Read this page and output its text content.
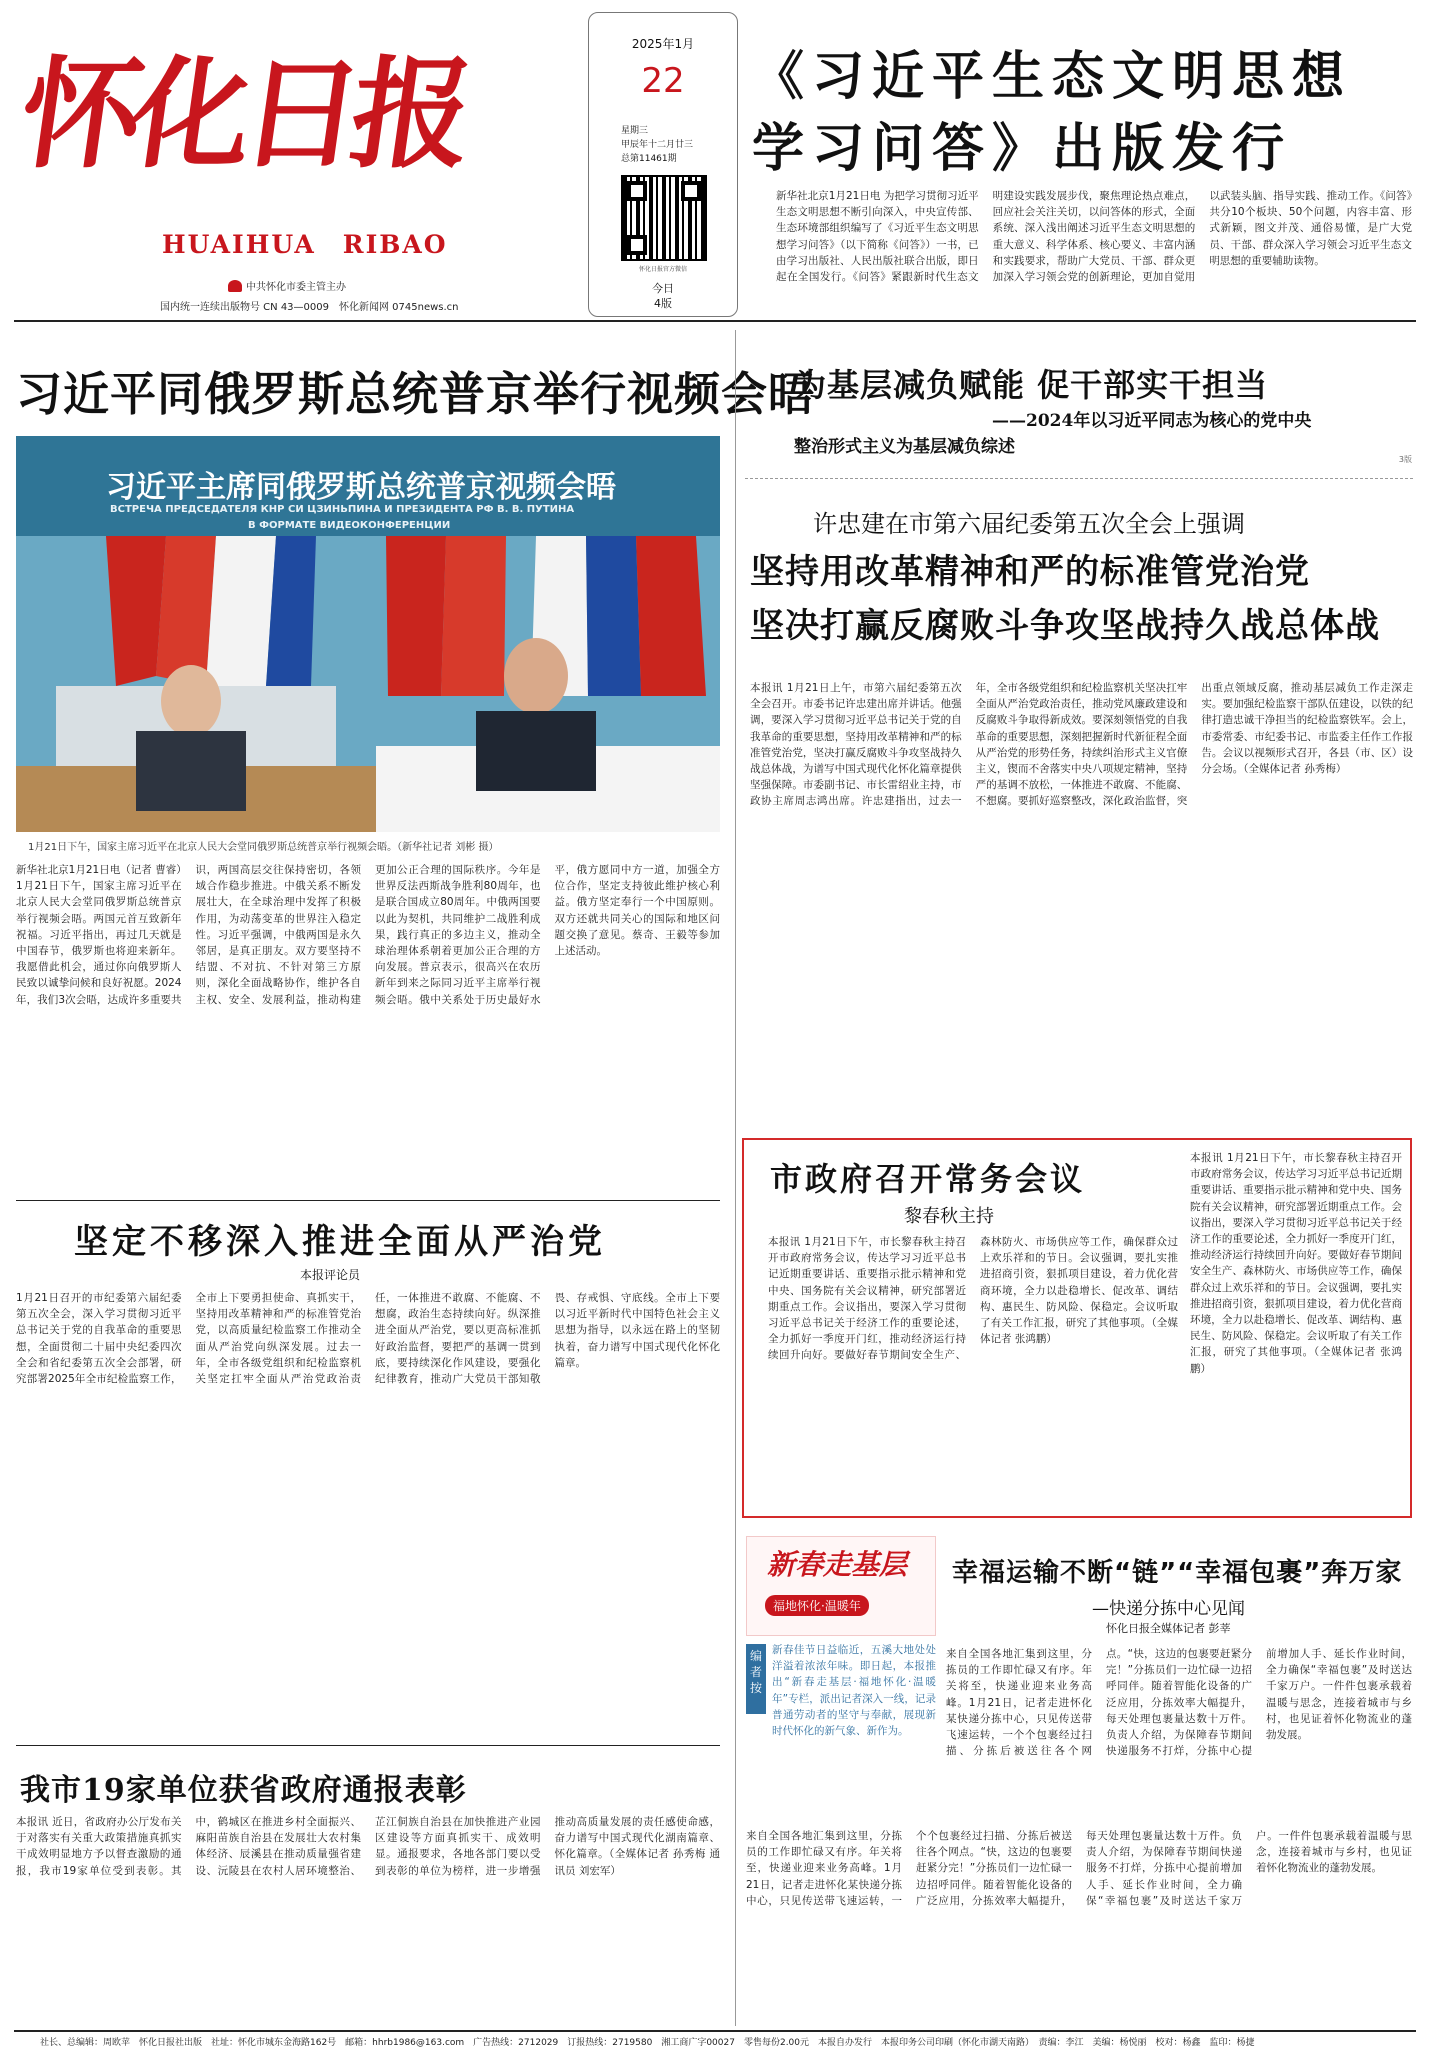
怀
化
日
报
HUAIHUA　RIBAO
中共怀化市委主管主办
国内统一连续出版物号 CN 43—0009　怀化新闻网 0745news.cn
2025年1月
22
星期三
甲辰年十二月廿三
总第11461期
怀化日报官方微信
今日
4版
《习近平生态文明思想
学习问答》出版发行
新华社北京1月21日电 为把学习贯彻习近平生态文明思想不断引向深入，中央宣传部、生态环境部组织编写了《习近平生态文明思想学习问答》（以下简称《问答》）一书，已由学习出版社、人民出版社联合出版，即日起在全国发行。《问答》紧跟新时代生态文明建设实践发展步伐，聚焦理论热点难点，回应社会关注关切，以问答体的形式，全面系统、深入浅出阐述习近平生态文明思想的重大意义、科学体系、核心要义、丰富内涵和实践要求，帮助广大党员、干部、群众更加深入学习领会党的创新理论，更加自觉用以武装头脑、指导实践、推动工作。《问答》共分10个板块、50个问题，内容丰富、形式新颖，图文并茂、通俗易懂，是广大党员、干部、群众深入学习领会习近平生态文明思想的重要辅助读物。
习近平同俄罗斯总统普京举行视频会晤
习近平主席同俄罗斯总统普京视频会晤
ВСТРЕЧА ПРЕДСЕДАТЕЛЯ КНР СИ ЦЗИНЬПИНА И ПРЕЗИДЕНТА РФ В. В. ПУТИНА
В ФОРМАТЕ ВИДЕОКОНФЕРЕНЦИИ
1月21日下午，国家主席习近平在北京人民大会堂同俄罗斯总统普京举行视频会晤。（新华社记者 刘彬 摄）
新华社北京1月21日电（记者 曹睿）1月21日下午，国家主席习近平在北京人民大会堂同俄罗斯总统普京举行视频会晤。两国元首互致新年祝福。习近平指出，再过几天就是中国春节，俄罗斯也将迎来新年。我愿借此机会，通过你向俄罗斯人民致以诚挚问候和良好祝愿。2024年，我们3次会晤，达成许多重要共识，两国高层交往保持密切，各领域合作稳步推进。中俄关系不断发展壮大，在全球治理中发挥了积极作用，为动荡变革的世界注入稳定性。习近平强调，中俄两国是永久邻居，是真正朋友。双方要坚持不结盟、不对抗、不针对第三方原则，深化全面战略协作，维护各自主权、安全、发展利益，推动构建更加公正合理的国际秩序。今年是世界反法西斯战争胜利80周年，也是联合国成立80周年。中俄两国要以此为契机，共同维护二战胜利成果，践行真正的多边主义，推动全球治理体系朝着更加公正合理的方向发展。普京表示，很高兴在农历新年到来之际同习近平主席举行视频会晤。俄中关系处于历史最好水平，俄方愿同中方一道，加强全方位合作，坚定支持彼此维护核心利益。俄方坚定奉行一个中国原则。双方还就共同关心的国际和地区问题交换了意见。蔡奇、王毅等参加上述活动。
坚定不移深入推进全面从严治党
本报评论员
1月21日召开的市纪委第六届纪委第五次全会，深入学习贯彻习近平总书记关于党的自我革命的重要思想，全面贯彻二十届中央纪委四次全会和省纪委第五次全会部署，研究部署2025年全市纪检监察工作，全市上下要勇担使命、真抓实干，坚持用改革精神和严的标准管党治党，以高质量纪检监察工作推动全面从严治党向纵深发展。过去一年，全市各级党组织和纪检监察机关坚定扛牢全面从严治党政治责任，一体推进不敢腐、不能腐、不想腐，政治生态持续向好。纵深推进全面从严治党，要以更高标准抓好政治监督，要把严的基调一贯到底，要持续深化作风建设，要强化纪律教育，推动广大党员干部知敬畏、存戒惧、守底线。全市上下要以习近平新时代中国特色社会主义思想为指导，以永远在路上的坚韧执着，奋力谱写中国式现代化怀化篇章。
我市19家单位获省政府通报表彰
本报讯 近日，省政府办公厅发布关于对落实有关重大政策措施真抓实干成效明显地方予以督查激励的通报，我市19家单位受到表彰。其中，鹤城区在推进乡村全面振兴、麻阳苗族自治县在发展壮大农村集体经济、辰溪县在推动质量强省建设、沅陵县在农村人居环境整治、芷江侗族自治县在加快推进产业园区建设等方面真抓实干、成效明显。通报要求，各地各部门要以受到表彰的单位为榜样，进一步增强推动高质量发展的责任感使命感，奋力谱写中国式现代化湖南篇章、怀化篇章。（全媒体记者 孙秀梅 通讯员 刘宏军）
为基层减负赋能 促干部实干担当
——2024年以习近平同志为核心的党中央整治形式主义为基层减负综述
3版
许忠建在市第六届纪委第五次全会上强调
坚持用改革精神和严的标准管党治党
坚决打赢反腐败斗争攻坚战持久战总体战
本报讯 1月21日上午，市第六届纪委第五次全会召开。市委书记许忠建出席并讲话。他强调，要深入学习贯彻习近平总书记关于党的自我革命的重要思想，坚持用改革精神和严的标准管党治党，坚决打赢反腐败斗争攻坚战持久战总体战，为谱写中国式现代化怀化篇章提供坚强保障。市委副书记、市长雷绍业主持，市政协主席周志鸿出席。许忠建指出，过去一年，全市各级党组织和纪检监察机关坚决扛牢全面从严治党政治责任，推动党风廉政建设和反腐败斗争取得新成效。要深刻领悟党的自我革命的重要思想，深刻把握新时代新征程全面从严治党的形势任务，持续纠治形式主义官僚主义，锲而不舍落实中央八项规定精神，坚持严的基调不放松，一体推进不敢腐、不能腐、不想腐。要抓好巡察整改，深化政治监督，突出重点领域反腐，推动基层减负工作走深走实。要加强纪检监察干部队伍建设，以铁的纪律打造忠诚干净担当的纪检监察铁军。会上，市委常委、市纪委书记、市监委主任作工作报告。会议以视频形式召开，各县（市、区）设分会场。（全媒体记者 孙秀梅）
市政府召开常务会议
黎春秋主持
本报讯 1月21日下午，市长黎春秋主持召开市政府常务会议，传达学习习近平总书记近期重要讲话、重要指示批示精神和党中央、国务院有关会议精神，研究部署近期重点工作。会议指出，要深入学习贯彻习近平总书记关于经济工作的重要论述，全力抓好一季度开门红，推动经济运行持续回升向好。要做好春节期间安全生产、森林防火、市场供应等工作，确保群众过上欢乐祥和的节日。会议强调，要扎实推进招商引资，狠抓项目建设，着力优化营商环境，全力以赴稳增长、促改革、调结构、惠民生、防风险、保稳定。会议听取了有关工作汇报，研究了其他事项。（全媒体记者 张鸿鹏）
本报讯 1月21日下午，市长黎春秋主持召开市政府常务会议，传达学习习近平总书记近期重要讲话、重要指示批示精神和党中央、国务院有关会议精神，研究部署近期重点工作。会议指出，要深入学习贯彻习近平总书记关于经济工作的重要论述，全力抓好一季度开门红，推动经济运行持续回升向好。要做好春节期间安全生产、森林防火、市场供应等工作，确保群众过上欢乐祥和的节日。会议强调，要扎实推进招商引资，狠抓项目建设，着力优化营商环境，全力以赴稳增长、促改革、调结构、惠民生、防风险、保稳定。会议听取了有关工作汇报，研究了其他事项。（全媒体记者 张鸿鹏）
新春走基层
福地怀化·温暖年
编者按
新春佳节日益临近，五溪大地处处洋溢着浓浓年味。即日起，本报推出“新春走基层·福地怀化·温暖年”专栏，派出记者深入一线，记录普通劳动者的坚守与奉献，展现新时代怀化的新气象、新作为。
幸福运输不断“链”“幸福包裹”奔万家
—快递分拣中心见闻
怀化日报全媒体记者 彭莘
来自全国各地汇集到这里，分拣员的工作即忙碌又有序。年关将至，快递业迎来业务高峰。1月21日，记者走进怀化某快递分拣中心，只见传送带飞速运转，一个个包裹经过扫描、分拣后被送往各个网点。“快，这边的包裹要赶紧分完！”分拣员们一边忙碌一边招呼同伴。随着智能化设备的广泛应用，分拣效率大幅提升，每天处理包裹量达数十万件。负责人介绍，为保障春节期间快递服务不打烊，分拣中心提前增加人手、延长作业时间，全力确保“幸福包裹”及时送达千家万户。一件件包裹承载着温暖与思念，连接着城市与乡村，也见证着怀化物流业的蓬勃发展。
来自全国各地汇集到这里，分拣员的工作即忙碌又有序。年关将至，快递业迎来业务高峰。1月21日，记者走进怀化某快递分拣中心，只见传送带飞速运转，一个个包裹经过扫描、分拣后被送往各个网点。“快，这边的包裹要赶紧分完！”分拣员们一边忙碌一边招呼同伴。随着智能化设备的广泛应用，分拣效率大幅提升，每天处理包裹量达数十万件。负责人介绍，为保障春节期间快递服务不打烊，分拣中心提前增加人手、延长作业时间，全力确保“幸福包裹”及时送达千家万户。一件件包裹承载着温暖与思念，连接着城市与乡村，也见证着怀化物流业的蓬勃发展。
社长、总编辑：周欧苹　怀化日报社出版　社址：怀化市城东金海路162号　邮箱：hhrb1986@163.com　广告热线：2712029　订报热线：2719580　湘工商广字00027　零售每份2.00元　本报自办发行　本报印务公司印刷（怀化市湖天南路）　责编：李江　美编：杨悦丽　校对：杨鑫　监印：杨捷
